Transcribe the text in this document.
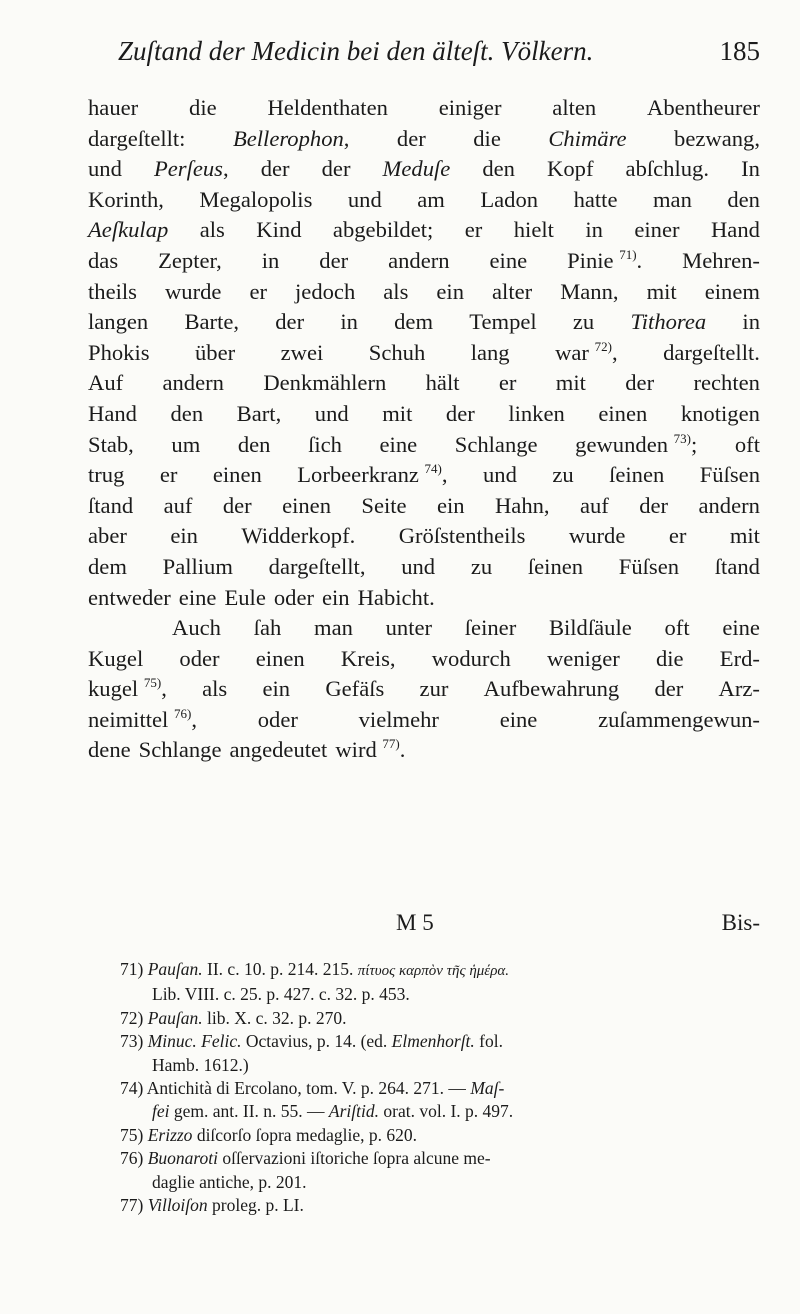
Zuſtand der Medicin bei den älteſt. Völkern.	185
hauer die Heldenthaten einiger alten Abentheurer
dargeſtellt: Bellerophon, der die Chimäre bezwang,
und Perſeus, der der Meduſe den Kopf abſchlug. In
Korinth, Megalopolis und am Ladon hatte man den
Aeſkulap als Kind abgebildet; er hielt in einer Hand
das Zepter, in der andern eine Pinie $^{71)}$. Mehren-
theils wurde er jedoch als ein alter Mann, mit einem
langen Barte, der in dem Tempel zu Tithorea in
Phokis über zwei Schuh lang war $^{72)}$, dargeſtellt.
Auf andern Denkmählern hält er mit der rechten
Hand den Bart, und mit der linken einen knotigen
Stab, um den ſich eine Schlange gewunden $^{73)}$; oft
trug er einen Lorbeerkranz $^{74)}$, und zu ſeinen Füſsen
ſtand auf der einen Seite ein Hahn, auf der andern
aber ein Widderkopf. Gröſstentheils wurde er mit
dem Pallium dargeſtellt, und zu ſeinen Füſsen ſtand
entweder eine Eule oder ein Habicht.
Auch ſah man unter ſeiner Bildſäule oft eine
Kugel oder einen Kreis, wodurch weniger die Erd-
kugel $^{75)}$, als ein Gefäſs zur Aufbewahrung der Arz-
neimittel $^{76)}$,	oder	vielmehr	eine	zuſammengewun-
dene Schlange angedeutet wird $^{77)}$.
M 5	Bis-
71) Pauſan. II. c. 10. p. 214. 215. πίτυος καρπὸν τῆς ἡμέρα.
Lib. VIII. c. 25. p. 427. c. 32. p. 453.
72) Pauſan. lib. X. c. 32. p. 270.
73) Minuc. Felic. Octavius, p. 14. (ed. Elmenhorſt. fol.
Hamb. 1612.)
74) Antichità di Ercolano, tom. V. p. 264. 271. — Maſ-
fei gem. ant. II. n. 55. — Ariſtid. orat. vol. I. p. 497.
75) Erizzo diſcorſo ſopra medaglie, p. 620.
76) Buonaroti oſſervazioni iſtoriche ſopra alcune me-
daglie antiche, p. 201.
77) Villoiſon proleg. p. LI.
